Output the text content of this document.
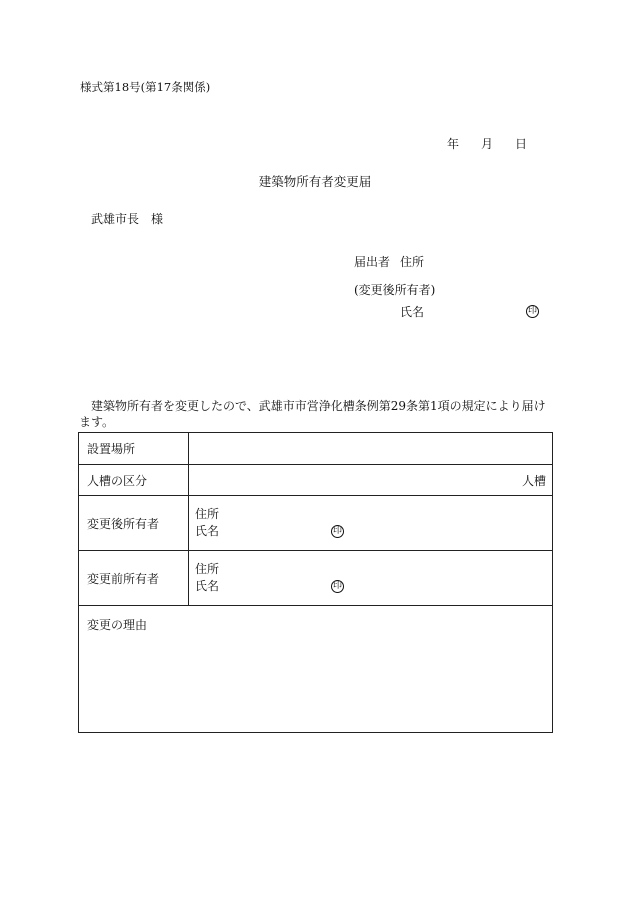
様式第18号(第17条関係)
年 月 日
建築物所有者変更届
武雄市長　様
届出者 住所
(変更後所有者)
氏名	印
建築物所有者を変更したので、武雄市市営浄化槽条例第29条第1項の規定により届けます。
設置場所	
人槽の区分	人槽
変更後所有者	住所
氏名 印

変更前所有者	住所
氏名 印

変更の理由	
